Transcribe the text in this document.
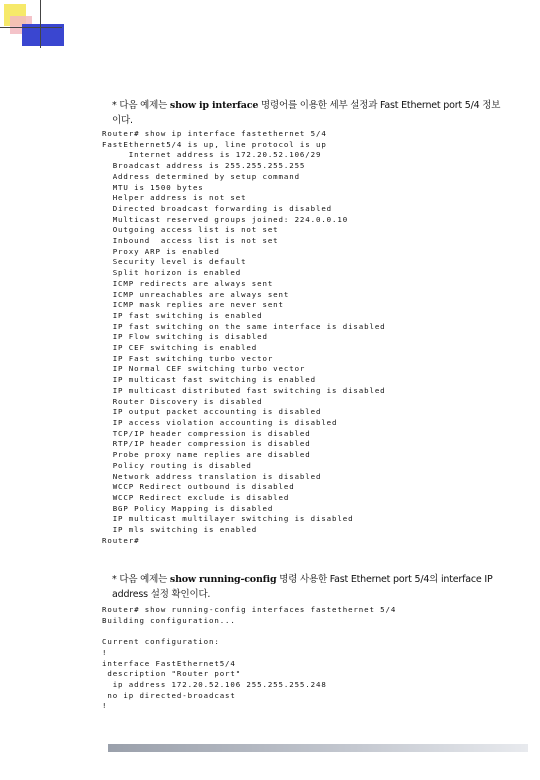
* 다음 예제는 show ip interface 명령어를 이용한 세부 설정과 Fast Ethernet port 5/4 정보
이다.
Router# show ip interface fastethernet 5/4
FastEthernet5/4 is up, line protocol is up
Internet address is 172.20.52.106/29
Broadcast address is 255.255.255.255
Address determined by setup command
MTU is 1500 bytes
Helper address is not set
Directed broadcast forwarding is disabled
Multicast reserved groups joined: 224.0.0.10
Outgoing access list is not set
Inbound  access list is not set
Proxy ARP is enabled
Security level is default
Split horizon is enabled
ICMP redirects are always sent
ICMP unreachables are always sent
ICMP mask replies are never sent
IP fast switching is enabled
IP fast switching on the same interface is disabled
IP Flow switching is disabled
IP CEF switching is enabled
IP Fast switching turbo vector
IP Normal CEF switching turbo vector
IP multicast fast switching is enabled
IP multicast distributed fast switching is disabled
Router Discovery is disabled
IP output packet accounting is disabled
IP access violation accounting is disabled
TCP/IP header compression is disabled
RTP/IP header compression is disabled
Probe proxy name replies are disabled
Policy routing is disabled
Network address translation is disabled
WCCP Redirect outbound is disabled
WCCP Redirect exclude is disabled
BGP Policy Mapping is disabled
IP multicast multilayer switching is disabled
IP mls switching is enabled
Router#

* 다음 예제는 show running-config 명령 사용한 Fast Ethernet port 5/4의 interface IP
address 설정 확인이다.
Router# show running-config interfaces fastethernet 5/4
Building configuration...

Current configuration:
!
interface FastEthernet5/4
description "Router port"
ip address 172.20.52.106 255.255.255.248
no ip directed-broadcast
!
